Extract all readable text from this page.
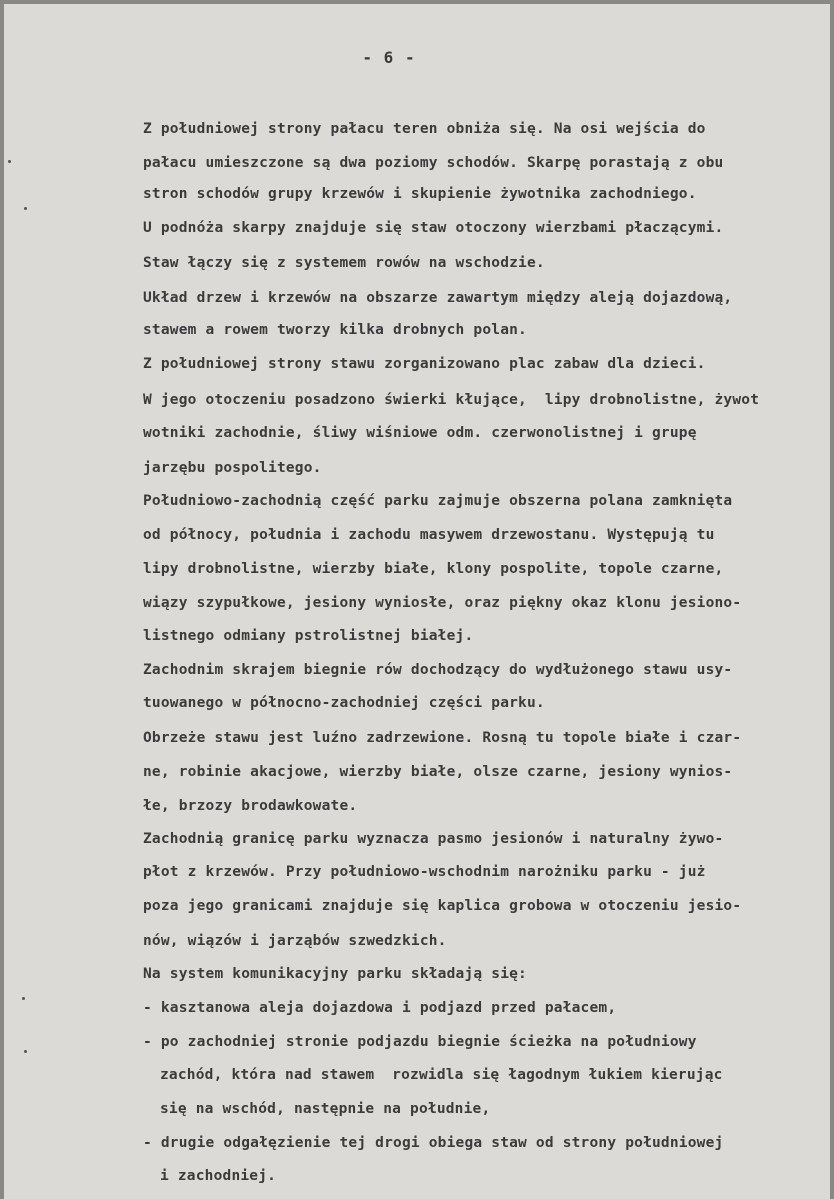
- 6 -
Z południowej strony pałacu teren obniża się. Na osi wejścia do
pałacu umieszczone są dwa poziomy schodów. Skarpę porastają z obu
stron schodów grupy krzewów i skupienie żywotnika zachodniego.
U podnóża skarpy znajduje się staw otoczony wierzbami płaczącymi.
Staw łączy się z systemem rowów na wschodzie.
Układ drzew i krzewów na obszarze zawartym między aleją dojazdową,
stawem a rowem tworzy kilka drobnych polan.
Z południowej strony stawu zorganizowano plac zabaw dla dzieci.
W jego otoczeniu posadzono świerki kłujące,  lipy drobnolistne, żywot
wotniki zachodnie, śliwy wiśniowe odm. czerwonolistnej i grupę
jarzębu pospolitego.
Południowo-zachodnią część parku zajmuje obszerna polana zamknięta
od północy, południa i zachodu masywem drzewostanu. Występują tu
lipy drobnolistne, wierzby białe, klony pospolite, topole czarne,
wiązy szypułkowe, jesiony wyniosłe, oraz piękny okaz klonu jesiono-
listnego odmiany pstrolistnej białej.
Zachodnim skrajem biegnie rów dochodzący do wydłużonego stawu usy-
tuowanego w północno-zachodniej części parku.
Obrzeże stawu jest luźno zadrzewione. Rosną tu topole białe i czar-
ne, robinie akacjowe, wierzby białe, olsze czarne, jesiony wynios-
łe, brzozy brodawkowate.
Zachodnią granicę parku wyznacza pasmo jesionów i naturalny żywo-
płot z krzewów. Przy południowo-wschodnim narożniku parku - już
poza jego granicami znajduje się kaplica grobowa w otoczeniu jesio-
nów, wiązów i jarząbów szwedzkich.
Na system komunikacyjny parku składają się:
- kasztanowa aleja dojazdowa i podjazd przed pałacem,
- po zachodniej stronie podjazdu biegnie ścieżka na południowy
zachód, która nad stawem  rozwidla się łagodnym łukiem kierując
się na wschód, następnie na południe,
- drugie odgałęzienie tej drogi obiega staw od strony południowej
i zachodniej.
